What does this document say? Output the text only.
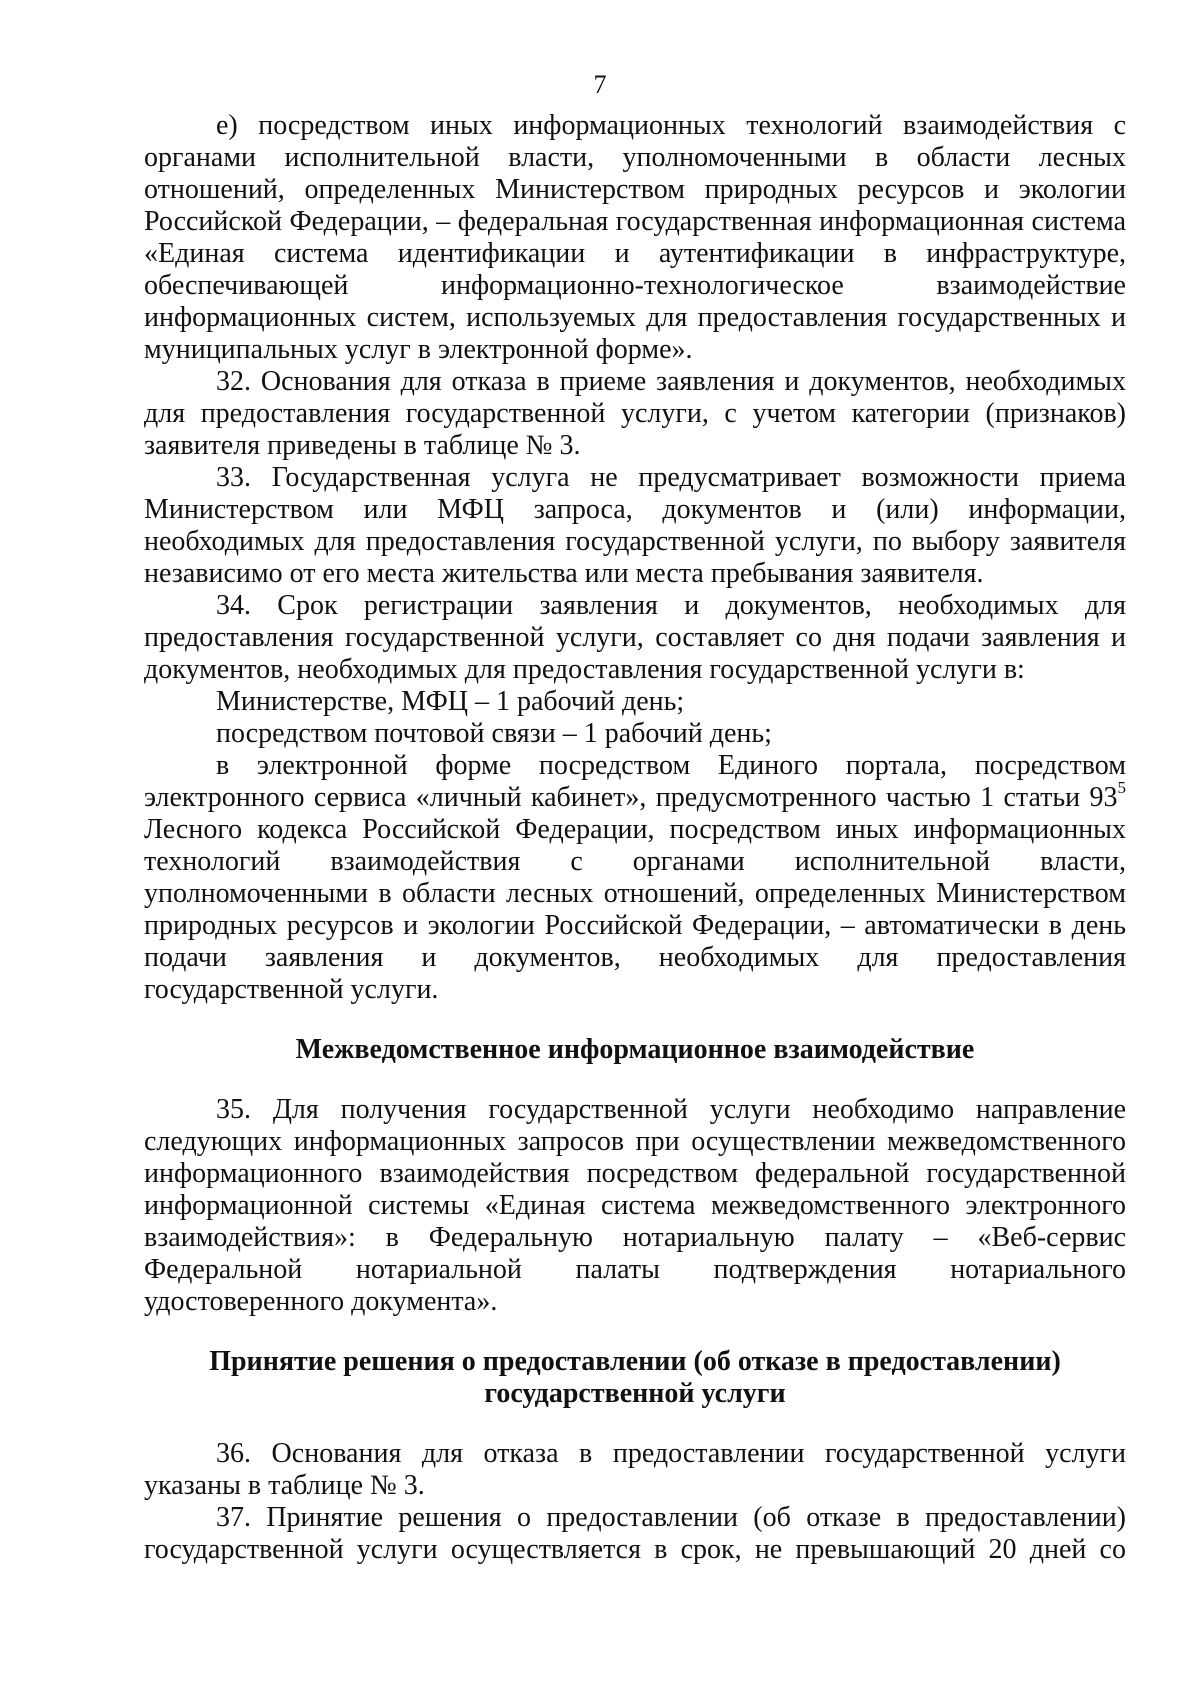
7

е) посредством иных информационных технологий взаимодействия с органами исполнительной власти, уполномоченными в области лесных отношений, определенных Министерством природных ресурсов и экологии Российской Федерации, – федеральная государственная информационная система «Единая система идентификации и аутентификации в инфраструктуре, обеспечивающей информационно-технологическое взаимодействие информационных систем, используемых для предоставления государственных и муниципальных услуг в электронной форме».

32. Основания для отказа в приеме заявления и документов, необходимых для предоставления государственной услуги, с учетом категории (признаков) заявителя приведены в таблице № 3.

33. Государственная услуга не предусматривает возможности приема Министерством или МФЦ запроса, документов и (или) информации, необходимых для предоставления государственной услуги, по выбору заявителя независимо от его места жительства или места пребывания заявителя.

34. Срок регистрации заявления и документов, необходимых для предоставления государственной услуги, составляет со дня подачи заявления и документов, необходимых для предоставления государственной услуги в:

Министерстве, МФЦ – 1 рабочий день;

посредством почтовой связи – 1 рабочий день;

в электронной форме посредством Единого портала, посредством электронного сервиса «личный кабинет», предусмотренного частью 1 статьи $93^5$ Лесного кодекса Российской Федерации, посредством иных информационных технологий взаимодействия с органами исполнительной власти, уполномоченными в области лесных отношений, определенных Министерством природных ресурсов и экологии Российской Федерации, – автоматически в день подачи заявления и документов, необходимых для предоставления государственной услуги.

Межведомственное информационное взаимодействие

35. Для получения государственной услуги необходимо направление следующих информационных запросов при осуществлении межведомственного информационного взаимодействия посредством федеральной государственной информационной системы «Единая система межведомственного электронного взаимодействия»: в Федеральную нотариальную палату – «Веб-сервис Федеральной нотариальной палаты подтверждения нотариального удостоверенного документа».

Принятие решения о предоставлении (об отказе в предоставлении)

государственной услуги

36. Основания для отказа в предоставлении государственной услуги указаны в таблице № 3.

37. Принятие решения о предоставлении (об отказе в предоставлении) государственной услуги осуществляется в срок, не превышающий 20 дней со
